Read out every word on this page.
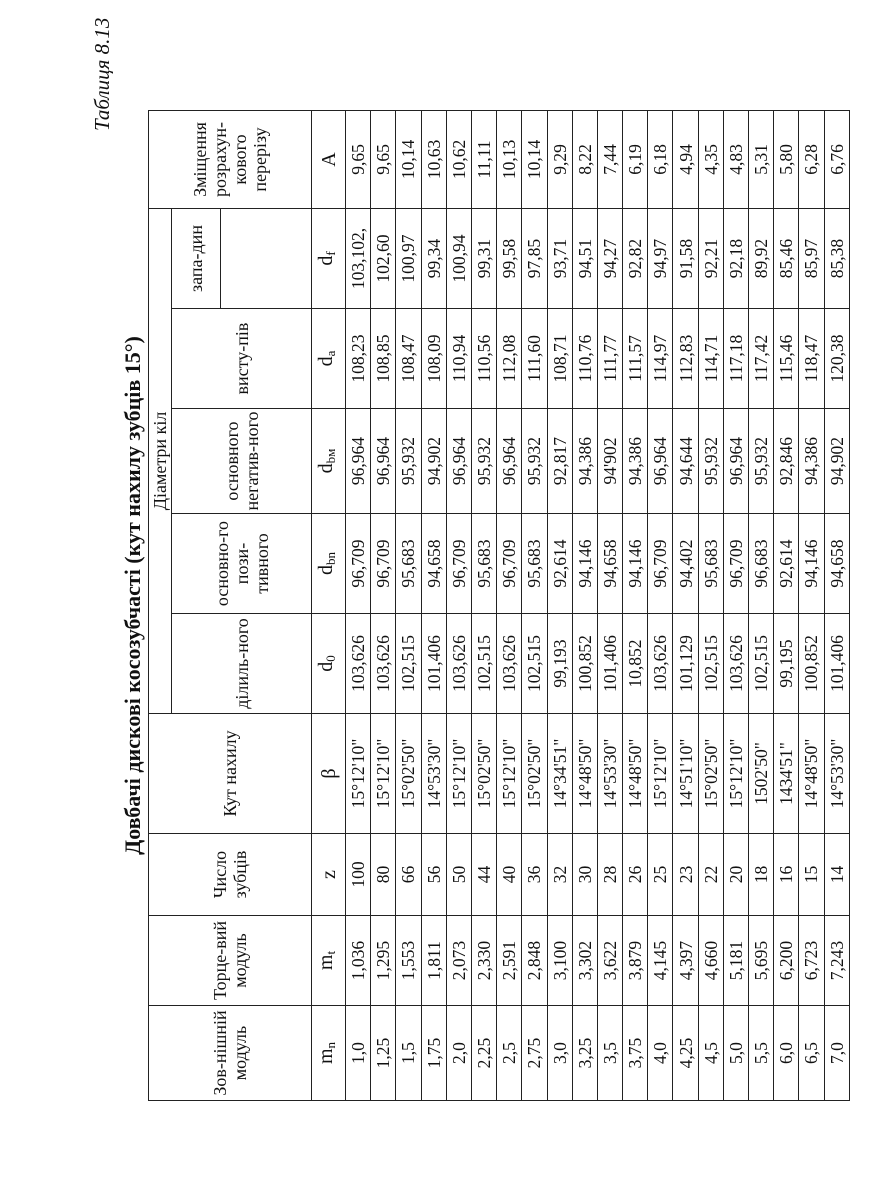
Таблиця 8.13
Довбачі дискові косозубчасті (кут нахилу зубців 15°)
Зов-нішній модуль	Торце-вий модуль	Число зубців	Кут нахилу	Діаметри кіл					Зміщення розрахун-кового перерізу
				ділиль-ного	основно-го пози-тивного	основного негатив-ного	висту-пів	запа-дин	

$m_n$	$m_t$	z	β	$d_0$	$d_{bn}$	$d_{bм}$	$d_a$	$d_f$	A
1,0	1,036	100	15°12'10"	103,626	96,709	96,964	108,23	103,102,	9,65
1,25	1,295	80	15°12'10"	103,626	96,709	96,964	108,85	102,60	9,65
1,5	1,553	66	15°02'50"	102,515	95,683	95,932	108,47	100,97	10,14
1,75	1,811	56	14°53'30"	101,406	94,658	94,902	108,09	99,34	10,63
2,0	2,073	50	15°12'10"	103,626	96,709	96,964	110,94	100,94	10,62
2,25	2,330	44	15°02'50"	102,515	95,683	95,932	110,56	99,31	11,11
2,5	2,591	40	15°12'10"	103,626	96,709	96,964	112,08	99,58	10,13
2,75	2,848	36	15°02'50"	102,515	95,683	95,932	111,60	97,85	10,14
3,0	3,100	32	14°34'51"	99,193	92,614	92,817	108,71	93,71	9,29
3,25	3,302	30	14°48'50"	100,852	94,146	94,386	110,76	94,51	8,22
3,5	3,622	28	14°53'30"	101,406	94,658	94'902	111,77	94,27	7,44
3,75	3,879	26	14°48'50"	10,852	94,146	94,386	111,57	92,82	6,19
4,0	4,145	25	15°12'10"	103,626	96,709	96,964	114,97	94,97	6,18
4,25	4,397	23	14°51'10"	101,129	94,402	94,644	112,83	91,58	4,94
4,5	4,660	22	15°02'50"	102,515	95,683	95,932	114,71	92,21	4,35
5,0	5,181	20	15°12'10"	103,626	96,709	96,964	117,18	92,18	4,83
5,5	5,695	18	1502'50"	102,515	96,683	95,932	117,42	89,92	5,31
6,0	6,200	16	1434'51"	99,195	92,614	92,846	115,46	85,46	5,80
6,5	6,723	15	14°48'50"	100,852	94,146	94,386	118,47	85,97	6,28
7,0	7,243	14	14°53'30"	101,406	94,658	94,902	120,38	85,38	6,76
